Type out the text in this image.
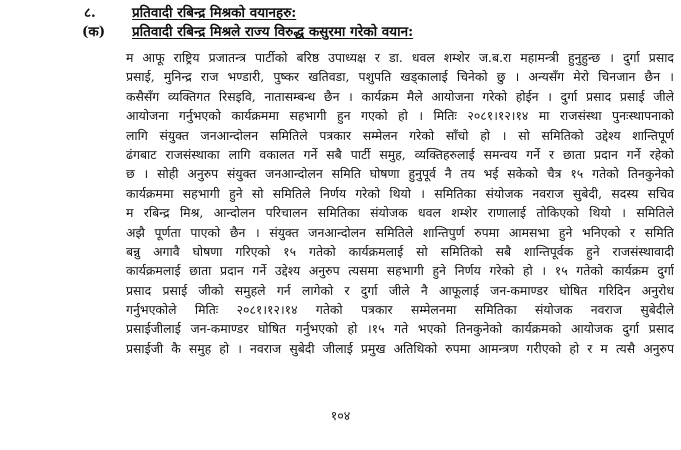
८.	प्रतिवादी रबिन्द्र मिश्रको वयानहरु:
(क) प्रतिवादी रबिन्द्र मिश्रले राज्य विरुद्ध कसुरमा गरेको वयान:
म आफू राष्ट्रिय प्रजातन्त्र पार्टीको बरिष्ठ उपाध्यक्ष र डा. धवल शम्शेर ज.ब.रा महामन्त्री हुनुहुन्छ । दुर्गा प्रसाद
प्रसाई, मुनिन्द्र राज भण्डारी, पुष्कर खतिवडा, पशुपति खड्कालाई चिनेको छु । अन्यसँग मेरो चिनजान छैन ।
कसैसँग व्यक्तिगत रिसइवि, नातासम्बन्ध छैन । कार्यक्रम मैले आयोजना गरेको होईन । दुर्गा प्रसाद प्रसाई जीले
आयोजना गर्नुभएको कार्यक्रममा सहभागी हुन गएको हो । मितिः २०८१।१२।१४ मा राजसंस्था पुनःस्थापनाको
लागि संयुक्त जनआन्दोलन समितिले पत्रकार सम्मेलन गरेको साँचो हो । सो समितिको उद्देश्य शान्तिपूर्ण
ढंगबाट राजसंस्थाका लागि वकालत गर्ने सबै पार्टी समुह, व्यक्तिहरुलाई समन्वय गर्ने र छाता प्रदान गर्ने रहेको
छ । सोही अनुरुप संयुक्त जनआन्दोलन समिति घोषणा हुनुपूर्व नै तय भई सकेको चैत्र १५ गतेको तिनकुनेको
कार्यक्रममा सहभागी हुने सो समितिले निर्णय गरेको थियो । समितिका संयोजक नवराज सुबेदी, सदस्य सचिव
म रबिन्द्र मिश्र, आन्दोलन परिचालन समितिका संयोजक धवल शम्शेर राणालाई तोकिएको थियो । समितिले
अझै पूर्णता पाएको छैन । संयुक्त जनआन्दोलन समितिले शान्तिपुर्ण रुपमा आमसभा हुने भनिएको र समिति
बन्नु अगावै घोषणा गरिएको १५ गतेको कार्यक्रमलाई सो समितिको सबै शान्तिपूर्वक हुने राजसंस्थावादी
कार्यक्रमलाई छाता प्रदान गर्ने उद्देश्य अनुरुप त्यसमा सहभागी हुने निर्णय गरेको हो । १५ गतेको कार्यक्रम दुर्गा
प्रसाद प्रसाई जीको समुहले गर्न लागेको र दुर्गा जीले नै आफूलाई जन-कमाण्डर घोषित गरिदिन अनुरोध
गर्नुभएकोले मितिः २०८१।१२।१४ गतेको पत्रकार सम्मेलनमा समितिका संयोजक नवराज सुबेदीले
प्रसाईजीलाई जन-कमाण्डर घोषित गर्नुभएको हो ।१५ गते भएको तिनकुनेको कार्यक्रमको आयोजक दुर्गा प्रसाद
प्रसाईजी कै समुह हो । नवराज सुबेदी जीलाई प्रमुख अतिथिको रुपमा आमन्त्रण गरीएको हो र म त्यसै अनुरुप
१०४
